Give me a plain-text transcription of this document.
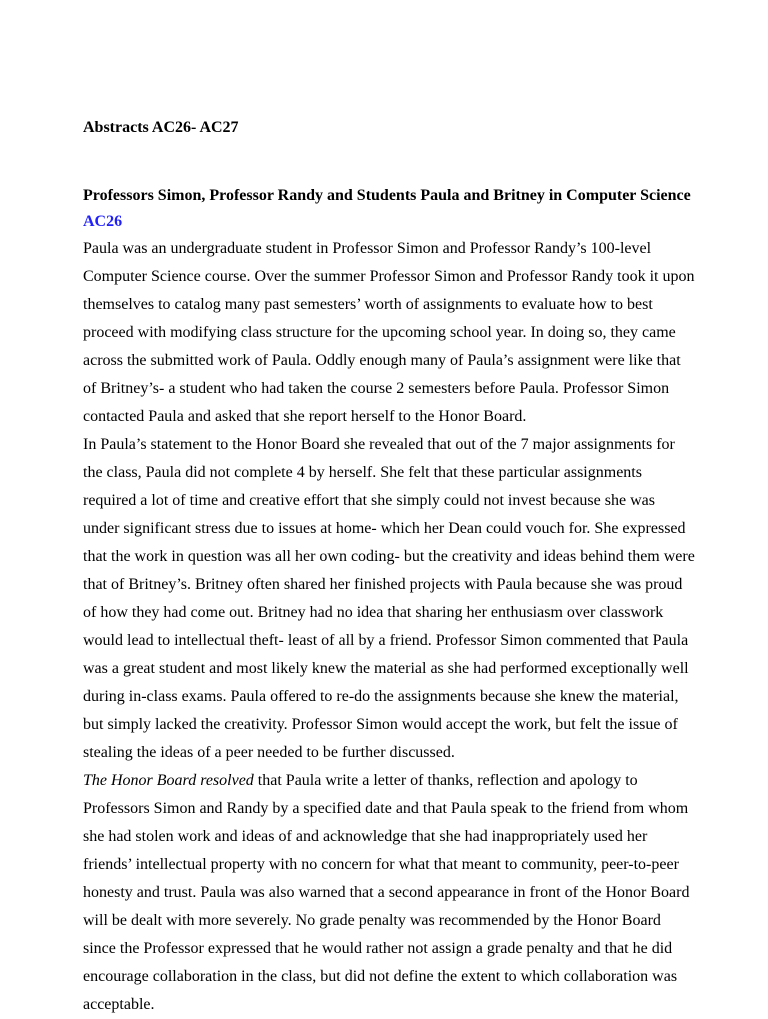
Abstracts AC26- AC27

Professors Simon, Professor Randy and Students Paula and Britney in Computer Science

AC26

Paula was an undergraduate student in Professor Simon and Professor Randy’s 100-level Computer Science course. Over the summer Professor Simon and Professor Randy took it upon themselves to catalog many past semesters’ worth of assignments to evaluate how to best proceed with modifying class structure for the upcoming school year. In doing so, they came across the submitted work of Paula. Oddly enough many of Paula’s assignment were like that of Britney’s- a student who had taken the course 2 semesters before Paula. Professor Simon contacted Paula and asked that she report herself to the Honor Board.

In Paula’s statement to the Honor Board she revealed that out of the 7 major assignments for the class, Paula did not complete 4 by herself. She felt that these particular assignments required a lot of time and creative effort that she simply could not invest because she was under significant stress due to issues at home- which her Dean could vouch for. She expressed that the work in question was all her own coding- but the creativity and ideas behind them were that of Britney’s. Britney often shared her finished projects with Paula because she was proud of how they had come out. Britney had no idea that sharing her enthusiasm over classwork would lead to intellectual theft- least of all by a friend. Professor Simon commented that Paula was a great student and most likely knew the material as she had performed exceptionally well during in-class exams. Paula offered to re-do the assignments because she knew the material, but simply lacked the creativity. Professor Simon would accept the work, but felt the issue of stealing the ideas of a peer needed to be further discussed.

The Honor Board resolved that Paula write a letter of thanks, reflection and apology to Professors Simon and Randy by a specified date and that Paula speak to the friend from whom she had stolen work and ideas of and acknowledge that she had inappropriately used her friends’ intellectual property with no concern for what that meant to community, peer-to-peer honesty and trust. Paula was also warned that a second appearance in front of the Honor Board will be dealt with more severely. No grade penalty was recommended by the Honor Board since the Professor expressed that he would rather not assign a grade penalty and that he did encourage collaboration in the class, but did not define the extent to which collaboration was acceptable.
